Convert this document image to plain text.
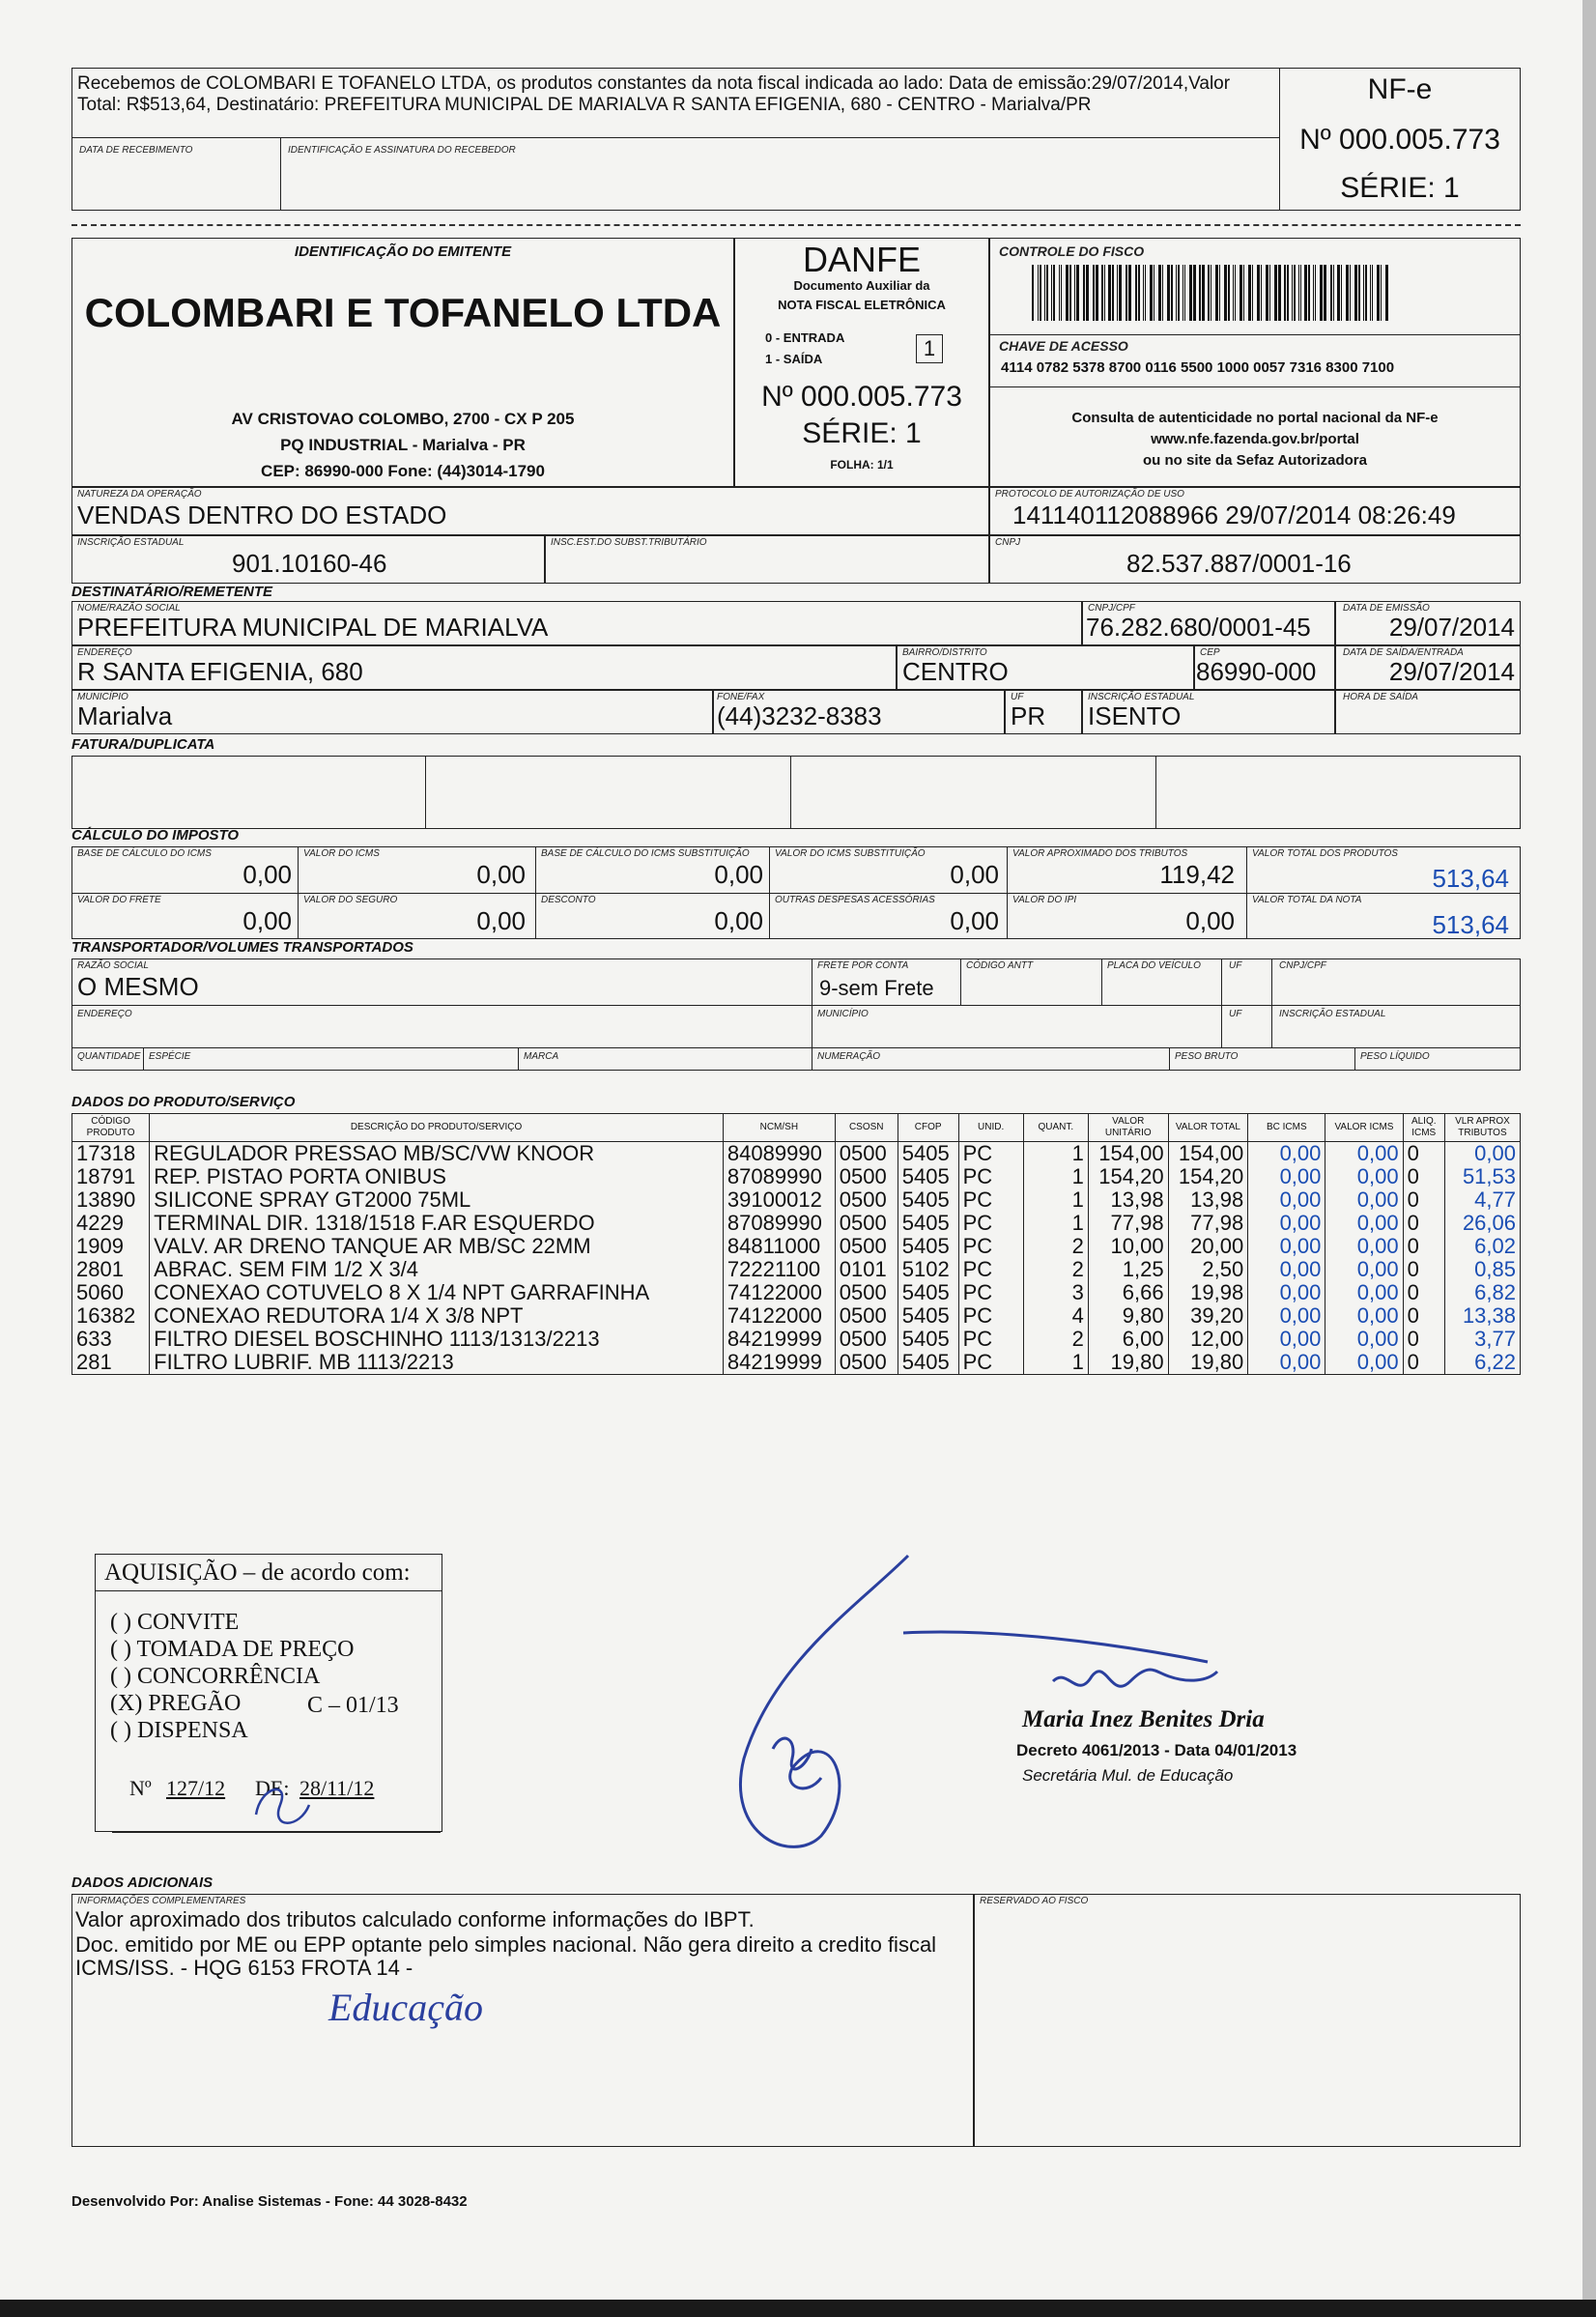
Recebemos de COLOMBARI E TOFANELO LTDA, os produtos constantes da nota fiscal indicada ao lado: Data de emissão:29/07/2014,Valor
Total: R$513,64, Destinatário: PREFEITURA MUNICIPAL DE MARIALVA R SANTA EFIGENIA, 680 - CENTRO - Marialva/PR
DATA DE RECEBIMENTO	IDENTIFICAÇÃO E ASSINATURA DO RECEBEDOR
NF-e
Nº 000.005.773
SÉRIE: 1
IDENTIFICAÇÃO DO EMITENTE
COLOMBARI E TOFANELO LTDA
AV CRISTOVAO COLOMBO, 2700 - CX P 205
PQ INDUSTRIAL - Marialva - PR
CEP: 86990-000 Fone: (44)3014-1790
DANFE
Documento Auxiliar da
NOTA FISCAL ELETRÔNICA
0 - ENTRADA
1 - SAÍDA	1
Nº 000.005.773
SÉRIE: 1
FOLHA: 1/1
CONTROLE DO FISCO
CHAVE DE ACESSO
4114 0782 5378 8700 0116 5500 1000 0057 7316 8300 7100
Consulta de autenticidade no portal nacional da NF-e
www.nfe.fazenda.gov.br/portal
ou no site da Sefaz Autorizadora
NATUREZA DA OPERAÇÃO
VENDAS DENTRO DO ESTADO
PROTOCOLO DE AUTORIZAÇÃO DE USO
141140112088966 29/07/2014 08:26:49
INSCRIÇÃO ESTADUAL
901.10160-46
INSC.EST.DO SUBST.TRIBUTÁRIO	CNPJ
82.537.887/0001-16
DESTINATÁRIO/REMETENTE
NOME/RAZÃO SOCIAL
PREFEITURA MUNICIPAL DE MARIALVA
CNPJ/CPF
76.282.680/0001-45
DATA DE EMISSÃO
29/07/2014
ENDEREÇO
R SANTA EFIGENIA, 680
BAIRRO/DISTRITO
CENTRO
CEP
86990-000
DATA DE SAÍDA/ENTRADA
29/07/2014
MUNICÍPIO
Marialva
FONE/FAX
(44)3232-8383
UF
PR
INSCRIÇÃO ESTADUAL
ISENTO
HORA DE SAÍDA
FATURA/DUPLICATA
CÁLCULO DO IMPOSTO
BASE DE CÁLCULO DO ICMS
0,00
VALOR DO ICMS
0,00
BASE DE CÁLCULO DO ICMS SUBSTITUIÇÃO
0,00
VALOR DO ICMS SUBSTITUIÇÃO
0,00
VALOR APROXIMADO DOS TRIBUTOS
119,42
VALOR TOTAL DOS PRODUTOS
513,64
VALOR DO FRETE
0,00
VALOR DO SEGURO
0,00
DESCONTO
0,00
OUTRAS DESPESAS ACESSÓRIAS
0,00
VALOR DO IPI
0,00
VALOR TOTAL DA NOTA
513,64
TRANSPORTADOR/VOLUMES TRANSPORTADOS
RAZÃO SOCIAL
O MESMO
FRETE POR CONTA
9-sem Frete
CÓDIGO ANTT	PLACA DO VEÍCULO	UF	CNPJ/CPF
ENDEREÇO	MUNICÍPIO	UF	INSCRIÇÃO ESTADUAL
QUANTIDADE ESPÉCIE	MARCA	NUMERAÇÃO	PESO BRUTO	PESO LÍQUIDO
DADOS DO PRODUTO/SERVIÇO
CÓDIGO PRODUTO	DESCRIÇÃO DO PRODUTO/SERVIÇO	NCM/SH	CSOSN	CFOP	UNID.	QUANT.	VALOR UNITÁRIO	VALOR TOTAL	BC ICMS	VALOR ICMS	ALIQ. ICMS	VLR APROX TRIBUTOS
17318	REGULADOR PRESSAO MB/SC/VW KNOOR	84089990	0500	5405	PC	1	154,00	154,00	0,00	0,00	0	0,00
18791	REP. PISTAO PORTA ONIBUS	87089990	0500	5405	PC	1	154,20	154,20	0,00	0,00	0	51,53
13890	SILICONE SPRAY GT2000 75ML	39100012	0500	5405	PC	1	13,98	13,98	0,00	0,00	0	4,77
4229	TERMINAL DIR. 1318/1518 F.AR ESQUERDO	87089990	0500	5405	PC	1	77,98	77,98	0,00	0,00	0	26,06
1909	VALV. AR DRENO TANQUE AR MB/SC 22MM	84811000	0500	5405	PC	2	10,00	20,00	0,00	0,00	0	6,02
2801	ABRAC. SEM FIM 1/2 X 3/4	72221100	0101	5102	PC	2	1,25	2,50	0,00	0,00	0	0,85
5060	CONEXAO COTUVELO 8 X 1/4 NPT GARRAFINHA	74122000	0500	5405	PC	3	6,66	19,98	0,00	0,00	0	6,82
16382	CONEXAO REDUTORA 1/4 X 3/8 NPT	74122000	0500	5405	PC	4	9,80	39,20	0,00	0,00	0	13,38
633	FILTRO DIESEL BOSCHINHO 1113/1313/2213	84219999	0500	5405	PC	2	6,00	12,00	0,00	0,00	0	3,77
281	FILTRO LUBRIF. MB 1113/2213	84219999	0500	5405	PC	1	19,80	19,80	0,00	0,00	0	6,22
AQUISIÇÃO – de acordo com:
( ) CONVITE
( ) TOMADA DE PREÇO
( ) CONCORRÊNCIA
(X) PREGÃO	C – 01/13
( ) DISPENSA
Nº 127/12 DE: 28/11/12
Maria Inez Benites Dria
Decreto 4061/2013 - Data 04/01/2013
Secretária Mul. de Educação
DADOS ADICIONAIS
INFORMAÇÕES COMPLEMENTARES
Valor aproximado dos tributos calculado conforme informações do IBPT.
Doc. emitido por ME ou EPP optante pelo simples nacional. Não gera direito a credito fiscal
ICMS/ISS. - HQG 6153 FROTA 14 -
Educação
RESERVADO AO FISCO
Desenvolvido Por: Analise Sistemas - Fone: 44 3028-8432
